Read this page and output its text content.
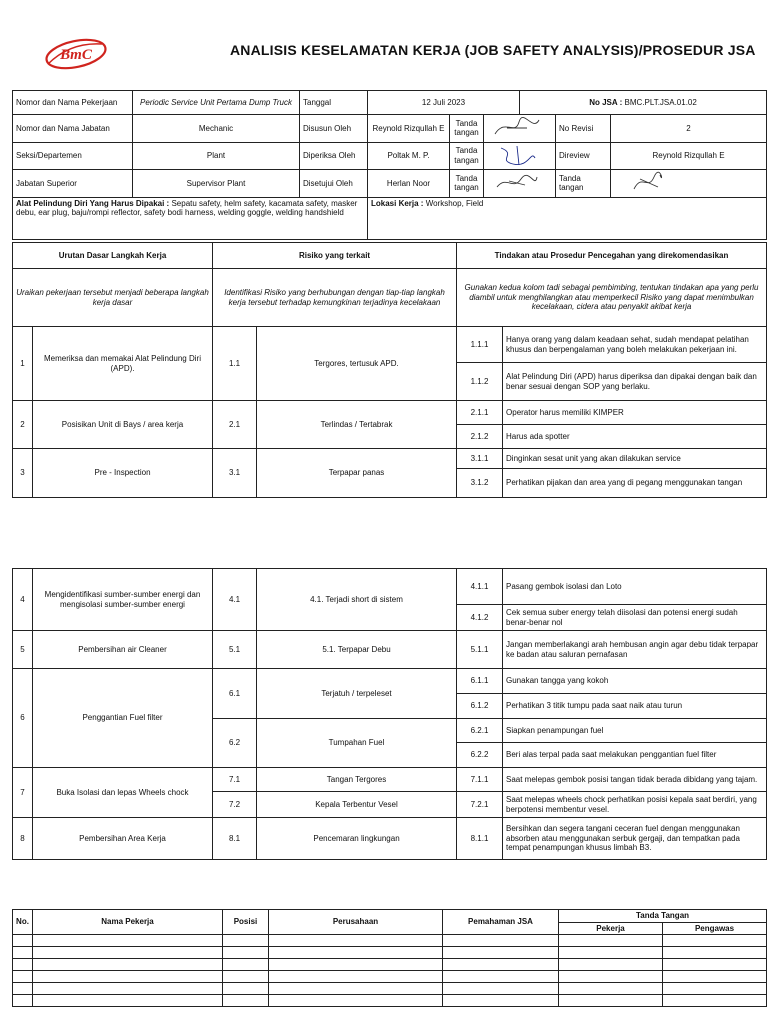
BmC	ANALISIS KESELAMATAN KERJA (JOB SAFETY ANALYSIS)/PROSEDUR JSA
Nomor dan Nama Pekerjaan	Periodic Service Unit Pertama Dump Truck	Tanggal	12 Juli 2023			No JSA : BMC.PLT.JSA.01.02		
Nomor dan Nama Jabatan	Mechanic	Disusun Oleh	Reynold Rizqullah E	Tanda tangan			No Revisi	2
Seksi/Departemen	Plant	Diperiksa Oleh	Poltak M. P.	Tanda tangan			Direview	Reynold Rizqullah E
Jabatan Superior	Supervisor Plant	Disetujui Oleh	Herlan Noor	Tanda tangan			Tanda tangan	
Alat Pelindung Diri Yang Harus Dipakai : Sepatu safety, helm safety, kacamata safety, masker debu, ear plug, baju/rompi reflector, safety bodi harness, welding goggle, welding handshield			Lokasi Kerja : Workshop, Field					
Urutan Dasar Langkah Kerja		Risiko yang terkait		Tindakan atau Prosedur Pencegahan yang direkomendasikan	
Uraikan pekerjaan tersebut menjadi beberapa langkah kerja dasar		Identifikasi Risiko yang berhubungan dengan tiap-tiap langkah kerja tersebut terhadap kemungkinan terjadinya kecelakaan		Gunakan kedua kolom tadi sebagai pembimbing, tentukan tindakan apa yang perlu diambil untuk menghilangkan atau memperkecil Risiko yang dapat menimbulkan kecelakaan, cidera atau penyakit akibat kerja	
1	Memeriksa dan memakai Alat Pelindung Diri (APD).	1.1	Tergores, tertusuk APD.	1.1.1	Hanya orang yang dalam keadaan sehat, sudah mendapat pelatihan khusus dan berpengalaman yang boleh melakukan pekerjaan ini.
				1.1.2	Alat Pelindung Diri (APD) harus diperiksa dan dipakai dengan baik dan benar sesuai dengan SOP yang berlaku.
2	Posisikan Unit di Bays / area kerja	2.1	Terlindas / Tertabrak	2.1.1	Operator harus memiliki KIMPER
				2.1.2	Harus ada spotter
3	Pre - Inspection	3.1	Terpapar panas	3.1.1	Dinginkan sesat unit yang akan dilakukan service
				3.1.2	Perhatikan pijakan dan area yang di pegang menggunakan tangan
4	Mengidentifikasi sumber-sumber energi dan mengisolasi sumber-sumber energi	4.1	4.1. Terjadi short di sistem	4.1.1	Pasang gembok isolasi dan Loto
				4.1.2	Cek semua suber energy telah diisolasi dan potensi energi sudah benar-benar nol
5	Pembersihan air Cleaner	5.1	5.1. Terpapar Debu	5.1.1	Jangan memberlakangi arah hembusan angin agar debu tidak terpapar ke badan atau saluran pernafasan
6	Penggantian Fuel filter	6.1	Terjatuh / terpeleset	6.1.1	Gunakan tangga yang kokoh
				6.1.2	Perhatikan 3 titik tumpu pada saat naik atau turun
		6.2	Tumpahan Fuel	6.2.1	Siapkan penampungan fuel
				6.2.2	Beri alas terpal pada saat melakukan penggantian fuel filter
7	Buka Isolasi dan lepas Wheels chock	7.1	Tangan Tergores	7.1.1	Saat melepas gembok posisi tangan tidak berada dibidang yang tajam.
		7.2	Kepala Terbentur Vesel	7.2.1	Saat melepas wheels chock perhatikan posisi kepala saat berdiri, yang berpotensi membentur vesel.
8	Pembersihan Area Kerja	8.1	Pencemaran lingkungan	8.1.1	Bersihkan dan segera tangani ceceran fuel dengan menggunakan absorben atau menggunakan serbuk gergaji, dan tempatkan pada tempat penampungan khusus limbah B3.
No.	Nama Pekerja	Posisi	Perusahaan	Pemahaman JSA	Tanda Tangan	
					Pekerja	Pengawas
